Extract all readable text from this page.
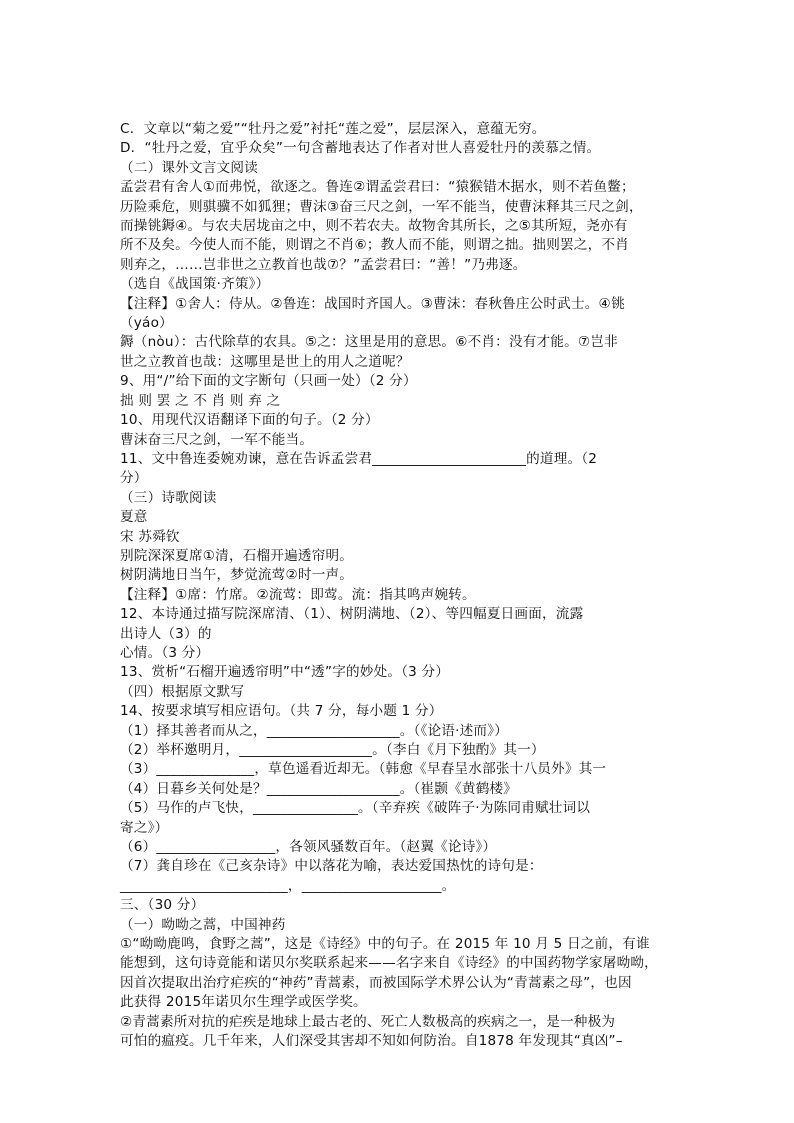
C．文章以“菊之爱”“牡丹之爱”衬托“莲之爱”，层层深入，意蕴无穷。
D．“牡丹之爱，宜乎众矣”一句含蓄地表达了作者对世人喜爱牡丹的羡慕之情。
（二）课外文言文阅读
孟尝君有舍人①而弗悦，欲逐之。鲁连②谓孟尝君曰：“猿猴错木据水，则不若鱼鳖；
历险乘危，则骐骥不如狐狸；曹沫③奋三尺之剑，一军不能当，使曹沫释其三尺之剑，
而操铫鎒④。与农夫居垅亩之中，则不若农夫。故物舍其所长，之⑤其所短，尧亦有
所不及矣。今使人而不能，则谓之不肖⑥；教人而不能，则谓之拙。拙则罢之，不肖
则弃之，……岂非世之立教首也哉⑦？”孟尝君曰：“善！”乃弗逐。
（选自《战国策·齐策》）
【注释】①舍人：侍从。②鲁连：战国时齐国人。③曹沫：春秋鲁庄公时武士。④铫
（yáo）
鎒（nòu）：古代除草的农具。⑤之：这里是用的意思。⑥不肖：没有才能。⑦岂非
世之立教首也哉：这哪里是世上的用人之道呢？
9、用“/”给下面的文字断句（只画一处）（2 分）
拙 则 罢 之 不 肖 则 弃 之
10、用现代汉语翻译下面的句子。（2 分）
曹沫奋三尺之剑，一军不能当。
11、文中鲁连委婉劝谏，意在告诉孟尝君______________________的道理。（2
分）
（三）诗歌阅读
夏意
宋 苏舜钦
别院深深夏席①清，石榴开遍透帘明。
树阴满地日当午，梦觉流莺②时一声。
【注释】①席：竹席。②流莺：即莺。流：指其鸣声婉转。
12、本诗通过描写院深席清、（1）、树阴满地、（2）、等四幅夏日画面，流露
出诗人（3）的
心情。（3 分）
13、赏析“石榴开遍透帘明”中“透”字的妙处。（3 分）
（四）根据原文默写
14、按要求填写相应语句。（共 7 分，每小题 1 分）
（1）择其善者而从之，___________________。（《论语·述而》）
（2）举杯邀明月，___________________。（李白《月下独酌》其一）
（3）______________，草色遥看近却无。（韩愈《早春呈水部张十八员外》其一
（4）日暮乡关何处是？___________________。（崔颢《黄鹤楼》
（5）马作的卢飞快，_______________。（辛弃疾《破阵子·为陈同甫赋壮词以
寄之》）
（6）_________________，各领风骚数百年。（赵翼《论诗》）
（7）龚自珍在《己亥杂诗》中以落花为喻，表达爱国热忱的诗句是：
________________________，____________________。
三、（30 分）
（一）呦呦之蒿，中国神药
①“呦呦鹿鸣，食野之蒿”，这是《诗经》中的句子。在 2015 年 10 月 5 日之前，有谁
能想到，这句诗竟能和诺贝尔奖联系起来——名字来自《诗经》的中国药物学家屠呦呦，
因首次提取出治疗疟疾的“神药”青蒿素，而被国际学术界公认为“青蒿素之母”，也因
此获得 2015年诺贝尔生理学或医学奖。
②青蒿素所对抗的疟疾是地球上最古老的、死亡人数极高的疾病之一，是一种极为
可怕的瘟疫。几千年来，人们深受其害却不知如何防治。自1878 年发现其“真凶”–
